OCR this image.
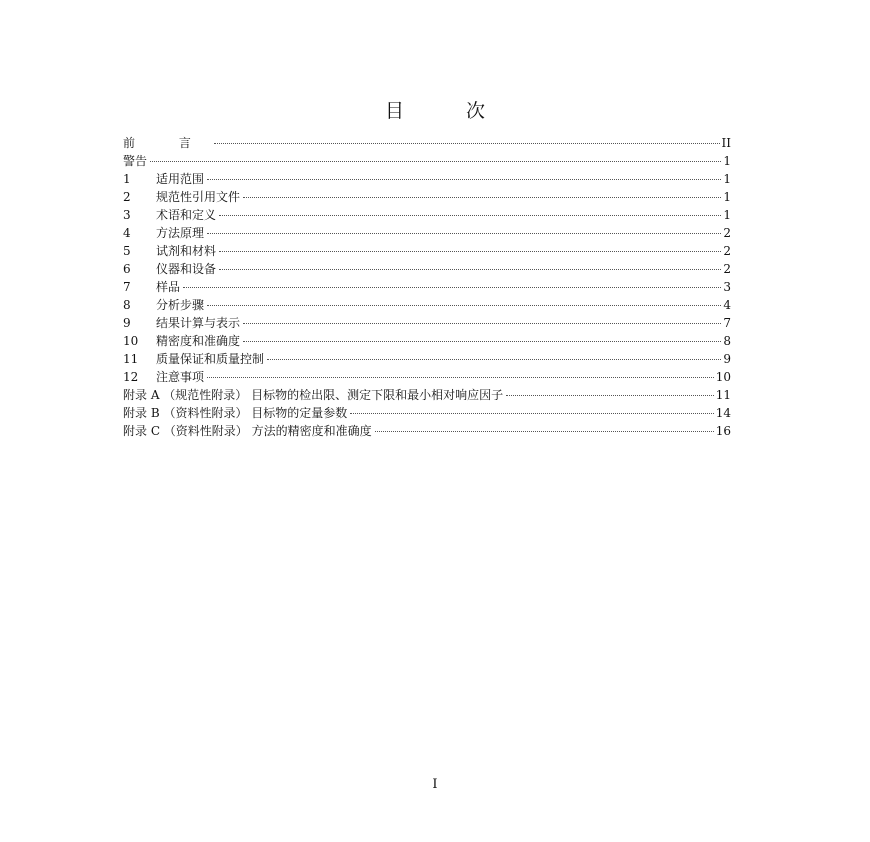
目 次
前 言	II
警告	1
1	适用范围	1
2	规范性引用文件	1
3	术语和定义	1
4	方法原理	2
5	试剂和材料	2
6	仪器和设备	2
7	样品	3
8	分析步骤	4
9	结果计算与表示	7
10	精密度和准确度	8
11	质量保证和质量控制	9
12	注意事项	10
附录 A （规范性附录） 目标物的检出限、测定下限和最小相对响应因子	11
附录 B （资料性附录） 目标物的定量参数	14
附录 C （资料性附录） 方法的精密度和准确度	16
I
